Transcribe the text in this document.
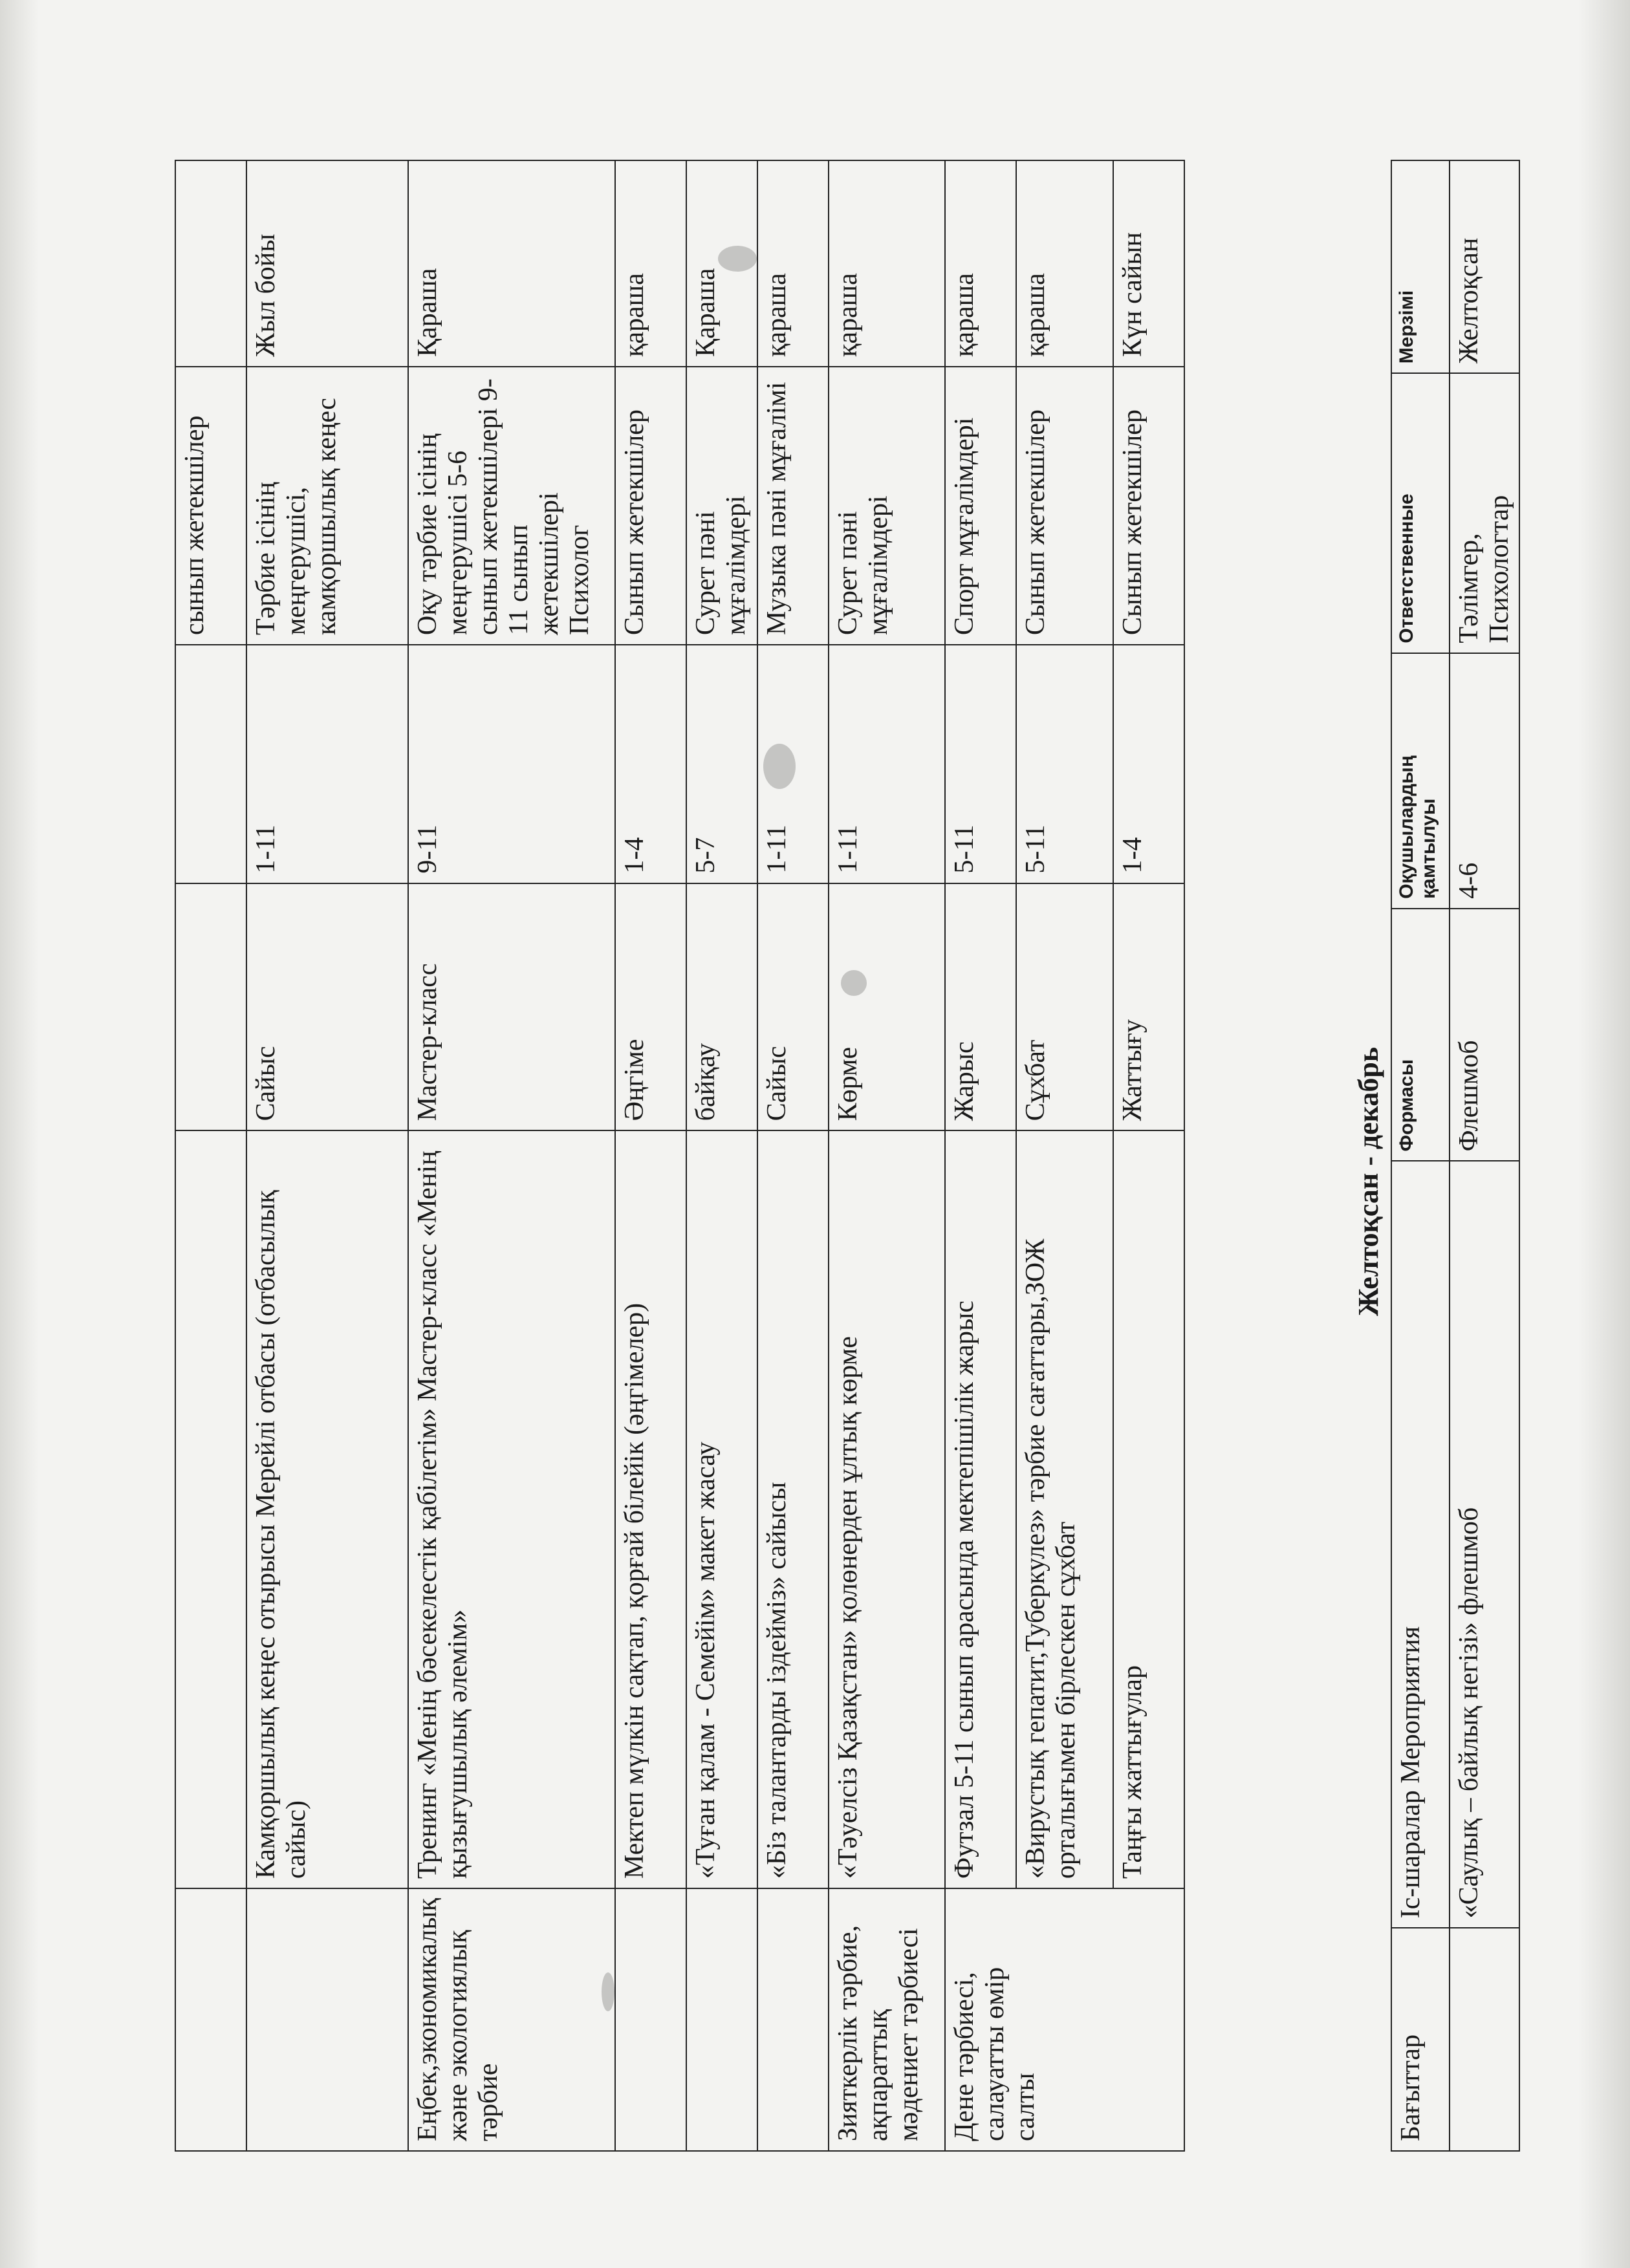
				сынып жетекшілер	
	Камқоршылық кеңес отырысы Мерейлі отбасы (отбасылық сайыс)	Сайыс	1-11	Тәрбие ісінің меңгерушісі, камқоршылық кеңес	Жыл бойы
Еңбек,экономикалық және экологиялық тәрбие	Тренинг «Менің бәсекелестік қабілетім» Мастер-класс «Менің қызығушылық әлемім»	Мастер-класс	9-11	Оқу тәрбие ісінің меңгерушісі 5-6 сынып жетекшілері 9-11 сынып жетекшілері Психолог	Қараша
	Мектеп мүлкін сақтап, қорғай білейік (әңгімелер)	Әңгіме	1-4	Сынып жетекшілер	қараша
	«Туған қалам - Семейім» макет жасау	байқау	5-7	Сурет пәні мұғалімдері	Қараша
	«Біз талантарды іздейміз» сайысы	Сайыс	1-11	Музыка пәні мұғалімі	қараша
Зияткерлік тәрбие, ақпараттық мәдениет тәрбиесі	«Тәуелсіз Қазақстан» қолөнерден ұлтық көрме	Көрме	1-11	Сурет пәні мұғалімдері	қараша
Дене тәрбиесі, салауатты өмір салты	Футзал 5-11 сынып арасында мектепішілік жарыс	Жарыс	5-11	Спорт мұғалімдері	қараша
	«Вирустық гепатит,Туберкулез» тәрбие сағаттары,ЗОЖ орталығымен бірлескен сұхбат	Сұхбат	5-11	Сынып жетекшілер	қараша
	Таңғы жаттығулар	Жаттығу	1-4	Сынып жетекшілер	Күн сайын
Желтоқсан - декабрь
Бағыттар	Іс-шаралар Мероприятия	Формасы	Оқушылардың қамтылуы	Ответственные	Мерзімі
	«Саулық – байлық негізі» флешмоб	Флешмоб	4-6	Тәлімгер, Психологтар	Желтоқсан
